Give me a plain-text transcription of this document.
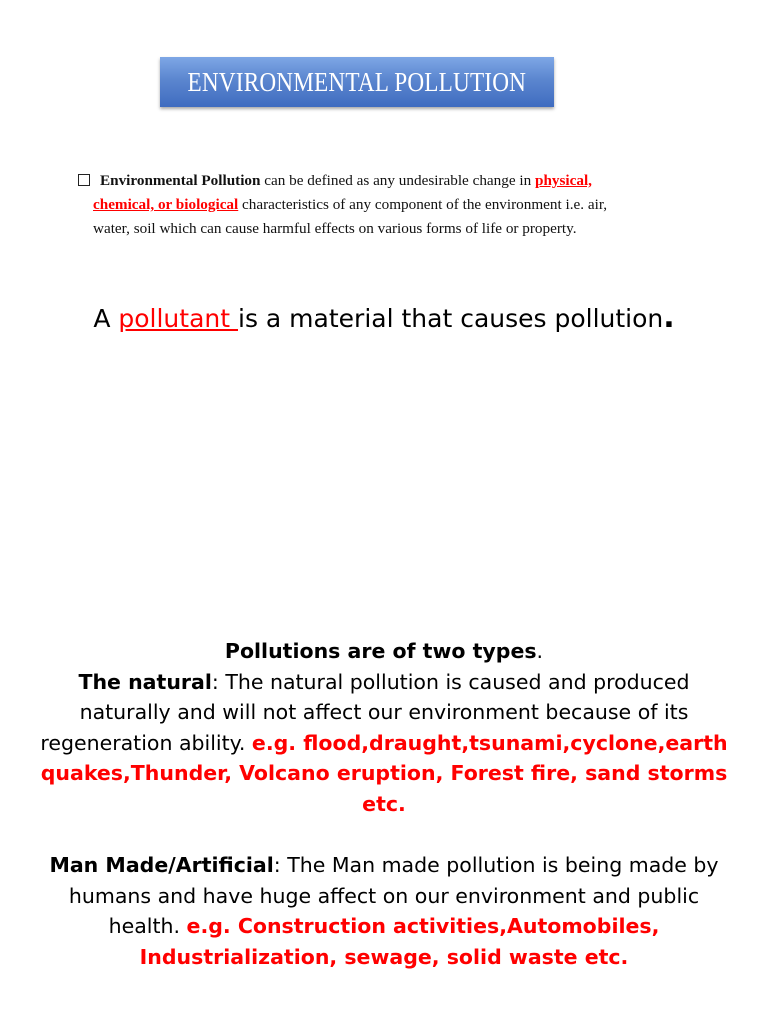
ENVIRONMENTAL POLLUTION
Environmental Pollution can be defined as any undesirable change in physical,
chemical, or biological characteristics of any component of the environment i.e. air,
water, soil which can cause harmful effects on various forms of life or property.
A pollutant is a material that causes pollution.

Pollutions are of two types.

The natural: The natural pollution is caused and produced naturally and will not affect our environment because of its regeneration ability. e.g. flood,draught,tsunami,cyclone,earth quakes,Thunder, Volcano eruption, Forest fire, sand storms etc.

Man Made/Artificial: The Man made pollution is being made by humans and have huge affect on our environment and public health. e.g. Construction activities,Automobiles, Industrialization, sewage, solid waste etc.
